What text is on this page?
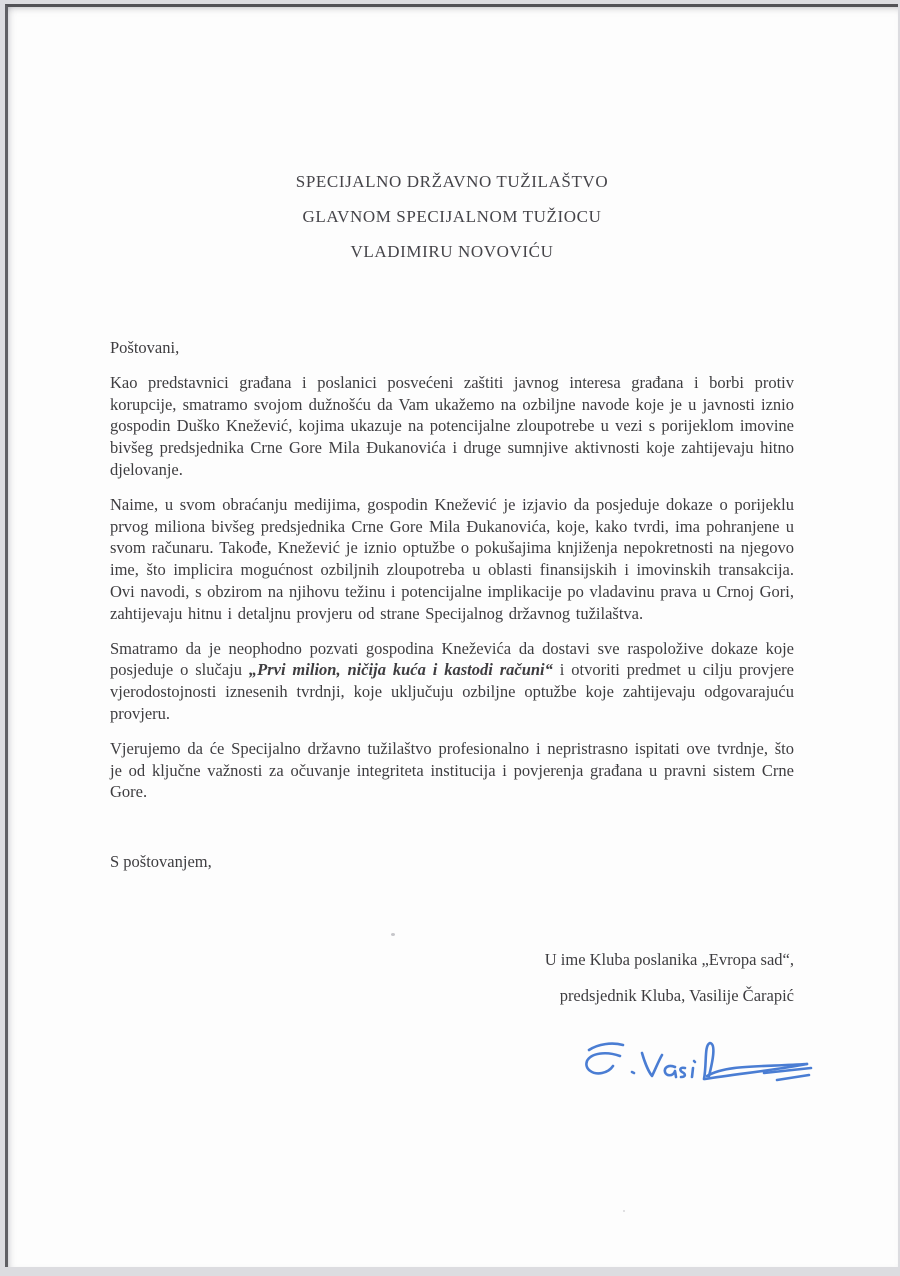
SPECIJALNO DRŽAVNO TUŽILAŠTVO
GLAVNOM SPECIJALNOM TUŽIOCU
VLADIMIRU NOVOVIĆU
Poštovani,
Kao predstavnici građana i poslanici posvećeni zaštiti javnog interesa građana i borbi protiv korupcije, smatramo svojom dužnošću da Vam ukažemo na ozbiljne navode koje je u javnosti iznio gospodin Duško Knežević, kojima ukazuje na potencijalne zloupotrebe u vezi s porijeklom imovine bivšeg predsjednika Crne Gore Mila Đukanovića i druge sumnjive aktivnosti koje zahtijevaju hitno djelovanje.
Naime, u svom obraćanju medijima, gospodin Knežević je izjavio da posjeduje dokaze o porijeklu prvog miliona bivšeg predsjednika Crne Gore Mila Đukanovića, koje, kako tvrdi, ima pohranjene u svom računaru. Takođe, Knežević je iznio optužbe o pokušajima knjiženja nepokretnosti na njegovo ime, što implicira mogućnost ozbiljnih zloupotreba u oblasti finansijskih i imovinskih transakcija. Ovi navodi, s obzirom na njihovu težinu i potencijalne implikacije po vladavinu prava u Crnoj Gori, zahtijevaju hitnu i detaljnu provjeru od strane Specijalnog državnog tužilaštva.
Smatramo da je neophodno pozvati gospodina Kneževića da dostavi sve raspoložive dokaze koje posjeduje o slučaju „Prvi milion, ničija kuća i kastodi računi“ i otvoriti predmet u cilju provjere vjerodostojnosti iznesenih tvrdnji, koje uključuju ozbiljne optužbe koje zahtijevaju odgovarajuću provjeru.
Vjerujemo da će Specijalno državno tužilaštvo profesionalno i nepristrasno ispitati ove tvrdnje, što je od ključne važnosti za očuvanje integriteta institucija i povjerenja građana u pravni sistem Crne Gore.
S poštovanjem,
U ime Kluba poslanika „Evropa sad“,
predsjednik Kluba, Vasilije Čarapić
